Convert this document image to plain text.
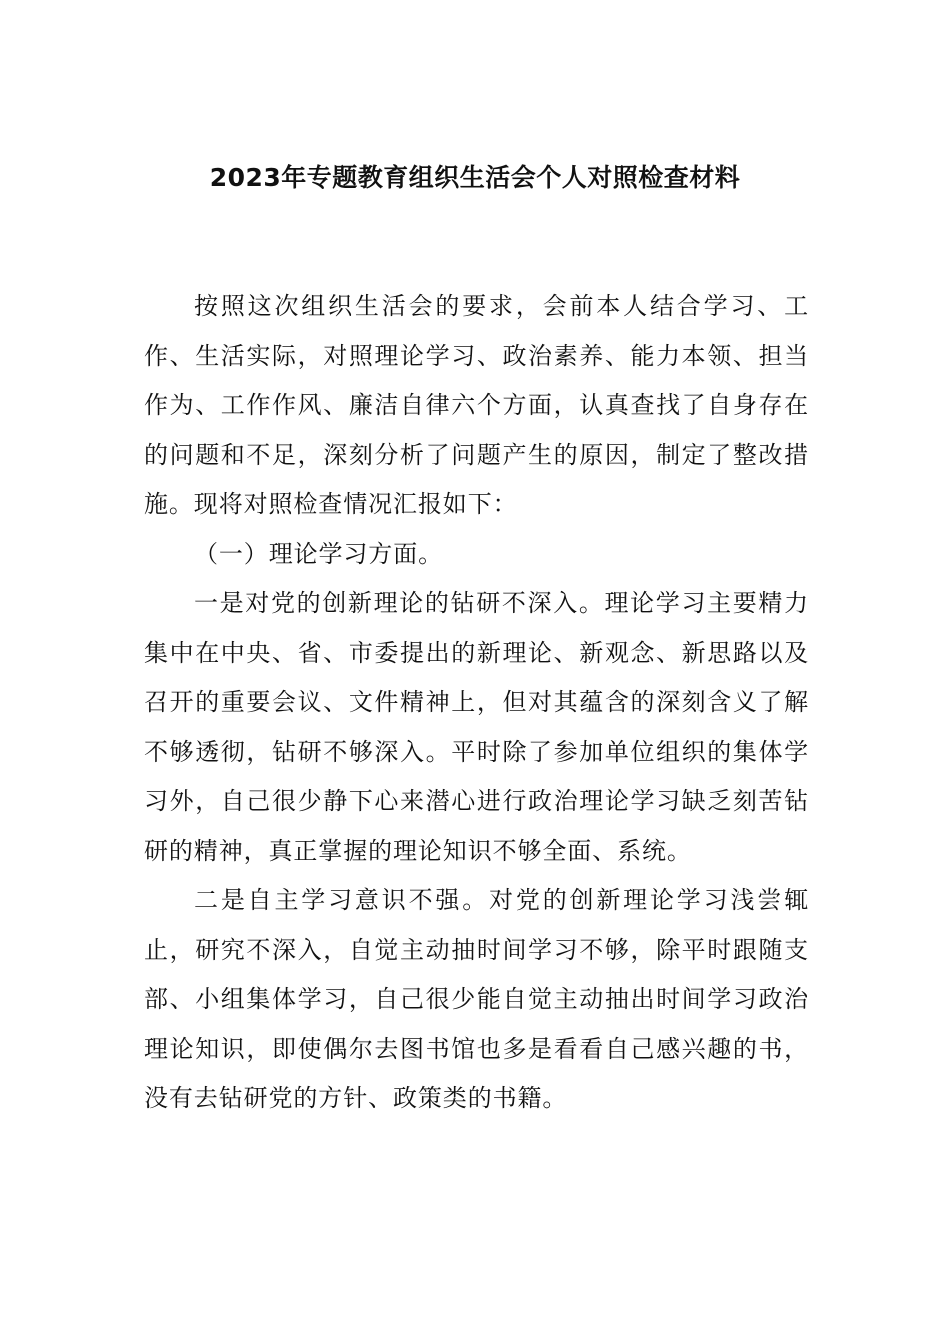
2023年专题教育组织生活会个人对照检查材料

按照这次组织生活会的要求，会前本人结合学习、工作、生活实际，对照理论学习、政治素养、能力本领、担当作为、工作作风、廉洁自律六个方面，认真查找了自身存在的问题和不足，深刻分析了问题产生的原因，制定了整改措施。现将对照检查情况汇报如下：

（一）理论学习方面。

一是对党的创新理论的钻研不深入。理论学习主要精力集中在中央、省、市委提出的新理论、新观念、新思路以及召开的重要会议、文件精神上，但对其蕴含的深刻含义了解不够透彻，钻研不够深入。平时除了参加单位组织的集体学习外，自己很少静下心来潜心进行政治理论学习缺乏刻苦钻研的精神，真正掌握的理论知识不够全面、系统。

二是自主学习意识不强。对党的创新理论学习浅尝辄止，研究不深入，自觉主动抽时间学习不够，除平时跟随支部、小组集体学习，自己很少能自觉主动抽出时间学习政治理论知识，即使偶尔去图书馆也多是看看自己感兴趣的书，没有去钻研党的方针、政策类的书籍。
